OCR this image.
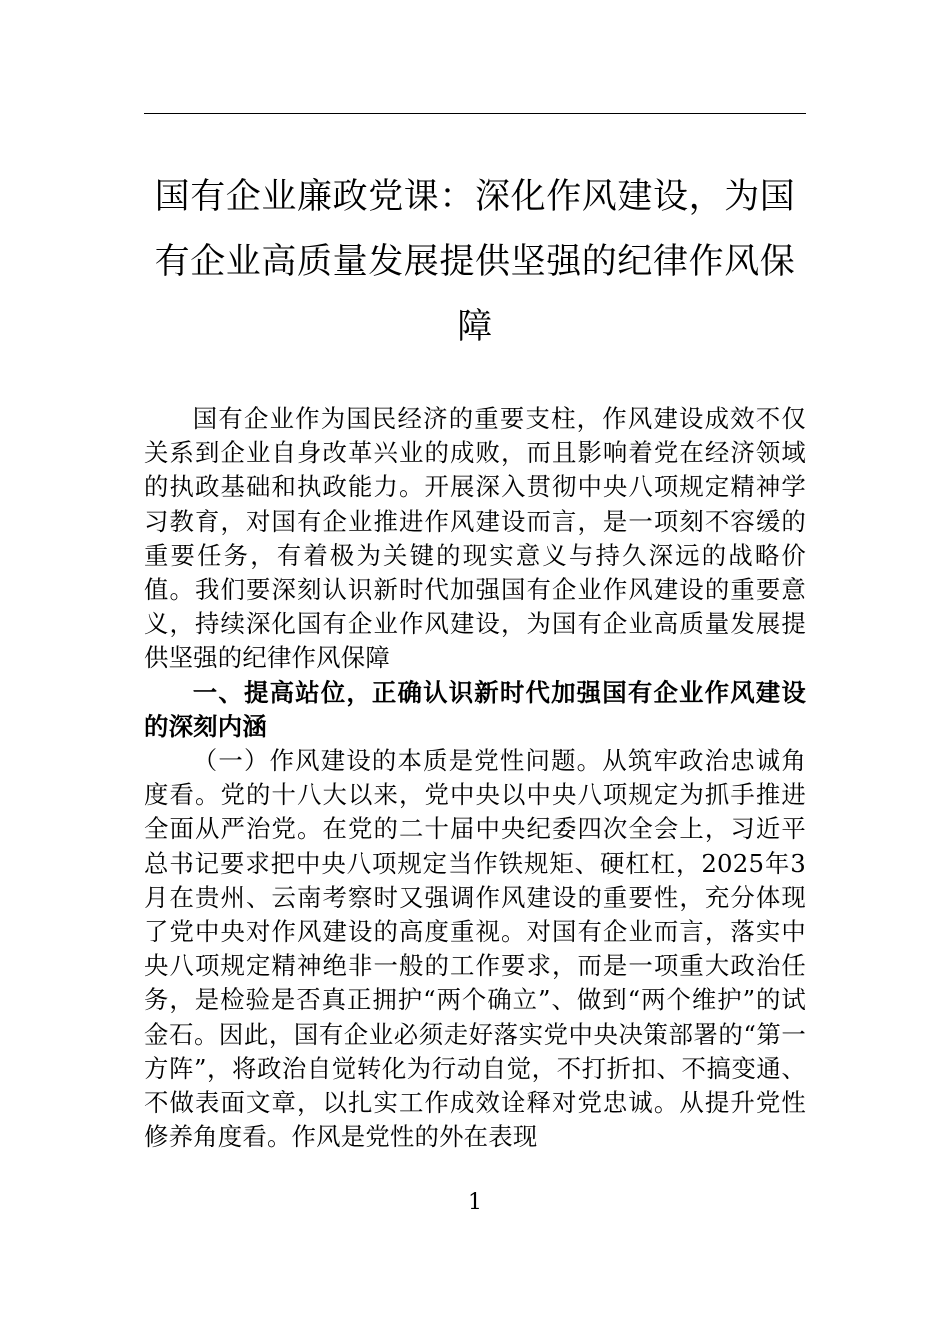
国有企业廉政党课：深化作风建设，为国有企业高质量发展提供坚强的纪律作风保障

国有企业作为国民经济的重要支柱，作风建设成效不仅关系到企业自身改革兴业的成败，而且影响着党在经济领域的执政基础和执政能力。开展深入贯彻中央八项规定精神学习教育，对国有企业推进作风建设而言，是一项刻不容缓的重要任务，有着极为关键的现实意义与持久深远的战略价值。我们要深刻认识新时代加强国有企业作风建设的重要意义，持续深化国有企业作风建设，为国有企业高质量发展提供坚强的纪律作风保障

一、提高站位，正确认识新时代加强国有企业作风建设的深刻内涵

（一）作风建设的本质是党性问题。从筑牢政治忠诚角度看。党的十八大以来，党中央以中央八项规定为抓手推进全面从严治党。在党的二十届中央纪委四次全会上，习近平总书记要求把中央八项规定当作铁规矩、硬杠杠，2025年3月在贵州、云南考察时又强调作风建设的重要性，充分体现了党中央对作风建设的高度重视。对国有企业而言，落实中央八项规定精神绝非一般的工作要求，而是一项重大政治任务，是检验是否真正拥护“两个确立”、做到“两个维护”的试金石。因此，国有企业必须走好落实党中央决策部署的“第一方阵”，将政治自觉转化为行动自觉，不打折扣、不搞变通、不做表面文章，以扎实工作成效诠释对党忠诚。从提升党性修养角度看。作风是党性的外在表现

1
